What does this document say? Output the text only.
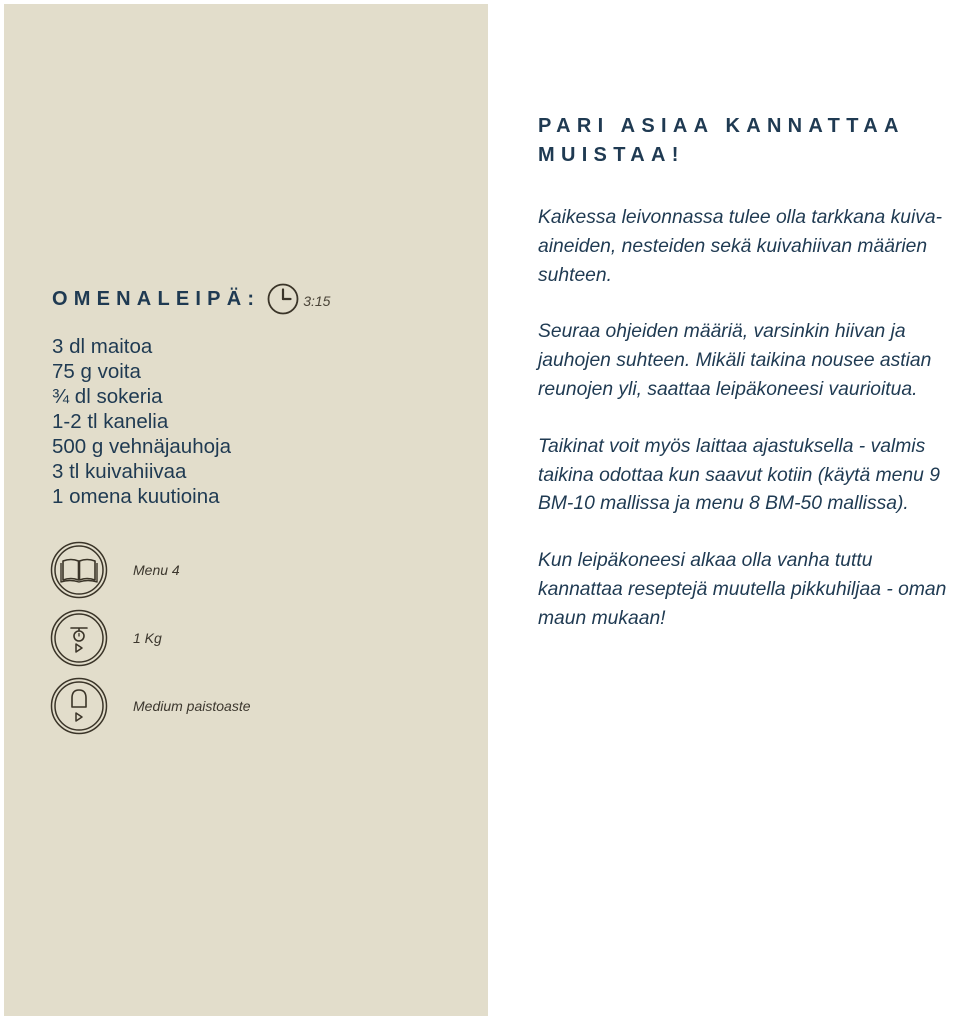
OMENALEIPÄ:	3:15
3 dl maitoa
75 g voita
¾ dl sokeria
1-2 tl kanelia
500 g vehnäjauhoja
3 tl kuivahiivaa
1 omena kuutioina
Menu 4
1 Kg
Medium paistoaste
PARI ASIAA KANNATTAA MUISTAA!

Kaikessa leivonnassa tulee olla tarkkana kuiva-aineiden, nesteiden sekä kuivahiivan määrien suhteen.

Seuraa ohjeiden määriä, varsinkin hiivan ja jauhojen suhteen. Mikäli taikina nousee astian reunojen yli, saattaa leipäkoneesi vaurioitua.

Taikinat voit myös laittaa ajastuksella - valmis taikina odottaa kun saavut kotiin (käytä menu 9 BM-10 mallissa ja menu 8 BM-50 mallissa).

Kun leipäkoneesi alkaa olla vanha tuttu kannattaa reseptejä muutella pikkuhiljaa - oman maun mukaan!
